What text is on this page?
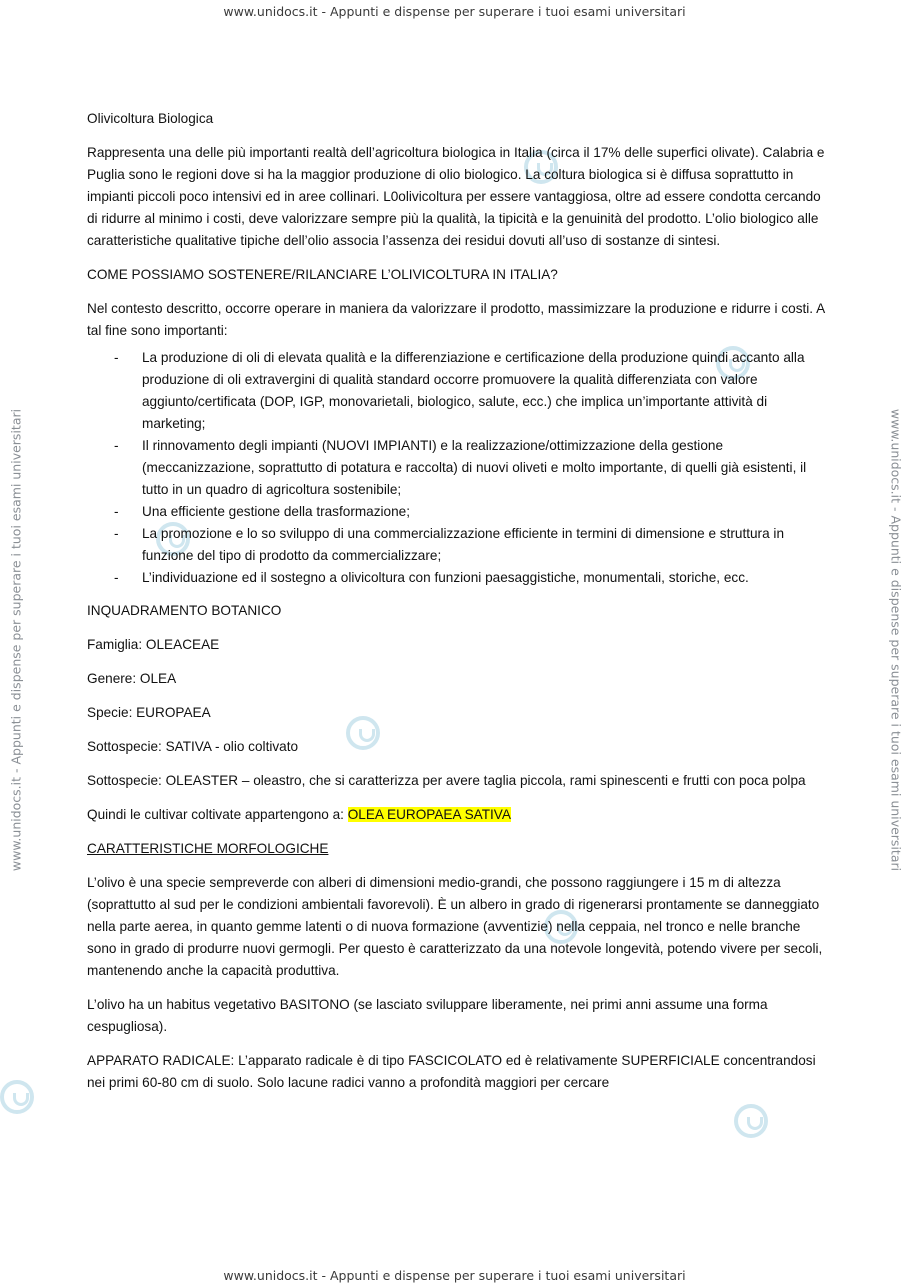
www.unidocs.it - Appunti e dispense per superare i tuoi esami universitari
www.unidocs.it - Appunti e dispense per superare i tuoi esami universitari
www.unidocs.it - Appunti e dispense per superare i tuoi esami universitari	www.unidocs.it - Appunti e dispense per superare i tuoi esami universitari

Olivicoltura Biologica

Rappresenta una delle più importanti realtà dell’agricoltura biologica in Italia (circa il 17% delle superfici olivate). Calabria e Puglia sono le regioni dove si ha la maggior produzione di olio biologico. La coltura biologica si è diffusa soprattutto in impianti piccoli poco intensivi ed in aree collinari. L0olivicoltura per essere vantaggiosa, oltre ad essere condotta cercando di ridurre al minimo i costi, deve valorizzare sempre più la qualità, la tipicità e la genuinità del prodotto. L’olio biologico alle caratteristiche qualitative tipiche dell’olio associa l’assenza dei residui dovuti all’uso di sostanze di sintesi.

COME POSSIAMO SOSTENERE/RILANCIARE L’OLIVICOLTURA IN ITALIA?

Nel contesto descritto, occorre operare in maniera da valorizzare il prodotto, massimizzare la produzione e ridurre i costi. A tal fine sono importanti:

- La produzione di oli di elevata qualità e la differenziazione e certificazione della produzione quindi accanto alla produzione di oli extravergini di qualità standard occorre promuovere la qualità differenziata con valore aggiunto/certificata (DOP, IGP, monovarietali, biologico, salute, ecc.) che implica un’importante attività di marketing;
- Il rinnovamento degli impianti (NUOVI IMPIANTI) e la realizzazione/ottimizzazione della gestione (meccanizzazione, soprattutto di potatura e raccolta) di nuovi oliveti e molto importante, di quelli già esistenti, il tutto in un quadro di agricoltura sostenibile;
- Una efficiente gestione della trasformazione;
- La promozione e lo so sviluppo di una commercializzazione efficiente in termini di dimensione e struttura in funzione del tipo di prodotto da commercializzare;
- L’individuazione ed il sostegno a olivicoltura con funzioni paesaggistiche, monumentali, storiche, ecc.

INQUADRAMENTO BOTANICO

Famiglia: OLEACEAE

Genere: OLEA

Specie: EUROPAEA

Sottospecie: SATIVA - olio coltivato

Sottospecie: OLEASTER – oleastro, che si caratterizza per avere taglia piccola, rami spinescenti e frutti con poca polpa

Quindi le cultivar coltivate appartengono a: OLEA EUROPAEA SATIVA

CARATTERISTICHE MORFOLOGICHE

L’olivo è una specie sempreverde con alberi di dimensioni medio-grandi, che possono raggiungere i 15 m di altezza (soprattutto al sud per le condizioni ambientali favorevoli). È un albero in grado di rigenerarsi prontamente se danneggiato nella parte aerea, in quanto gemme latenti o di nuova formazione (avventizie) nella ceppaia, nel tronco e nelle branche sono in grado di produrre nuovi germogli. Per questo è caratterizzato da una notevole longevità, potendo vivere per secoli, mantenendo anche la capacità produttiva.

L’olivo ha un habitus vegetativo BASITONO (se lasciato sviluppare liberamente, nei primi anni assume una forma cespugliosa).

APPARATO RADICALE: L’apparato radicale è di tipo FASCICOLATO ed è relativamente SUPERFICIALE concentrandosi nei primi 60-80 cm di suolo. Solo lacune radici vanno a profondità maggiori per cercare
